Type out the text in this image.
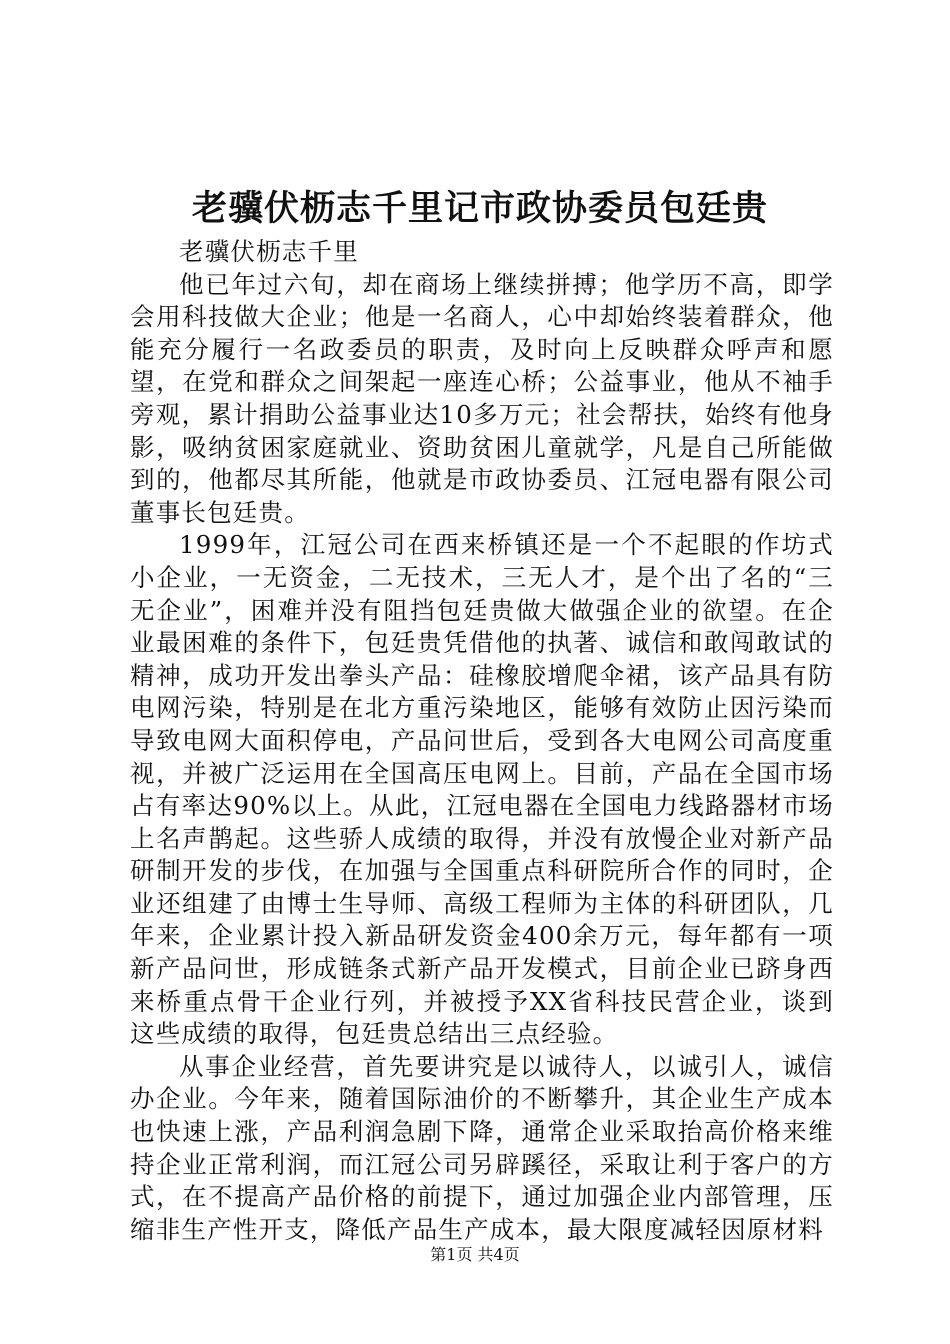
老骥伏枥志千里记市政协委员包廷贵

老骥伏枥志千里

他已年过六旬，却在商场上继续拼搏；他学历不高，即学会用科技做大企业；他是一名商人，心中却始终装着群众，他能充分履行一名政委员的职责，及时向上反映群众呼声和愿望，在党和群众之间架起一座连心桥；公益事业，他从不袖手旁观，累计捐助公益事业达10多万元；社会帮扶，始终有他身影，吸纳贫困家庭就业、资助贫困儿童就学，凡是自己所能做到的，他都尽其所能，他就是市政协委员、江冠电器有限公司董事长包廷贵。

1999年，江冠公司在西来桥镇还是一个不起眼的作坊式小企业，一无资金，二无技术，三无人才，是个出了名的“三无企业”，困难并没有阻挡包廷贵做大做强企业的欲望。在企业最困难的条件下，包廷贵凭借他的执著、诚信和敢闯敢试的精神，成功开发出拳头产品：硅橡胶增爬伞裙，该产品具有防电网污染，特别是在北方重污染地区，能够有效防止因污染而导致电网大面积停电，产品问世后，受到各大电网公司高度重视，并被广泛运用在全国高压电网上。目前，产品在全国市场占有率达90%以上。从此，江冠电器在全国电力线路器材市场上名声鹊起。这些骄人成绩的取得，并没有放慢企业对新产品研制开发的步伐，在加强与全国重点科研院所合作的同时，企业还组建了由博士生导师、高级工程师为主体的科研团队，几年来，企业累计投入新品研发资金400余万元，每年都有一项新产品问世，形成链条式新产品开发模式，目前企业已跻身西来桥重点骨干企业行列，并被授予XX省科技民营企业，谈到这些成绩的取得，包廷贵总结出三点经验。

从事企业经营，首先要讲究是以诚待人，以诚引人，诚信办企业。今年来，随着国际油价的不断攀升，其企业生产成本也快速上涨，产品利润急剧下降，通常企业采取抬高价格来维持企业正常利润，而江冠公司另辟蹊径，采取让利于客户的方式，在不提高产品价格的前提下，通过加强企业内部管理，压缩非生产性开支，降低产品生产成本，最大限度减轻因原材料

第1页 共4页
